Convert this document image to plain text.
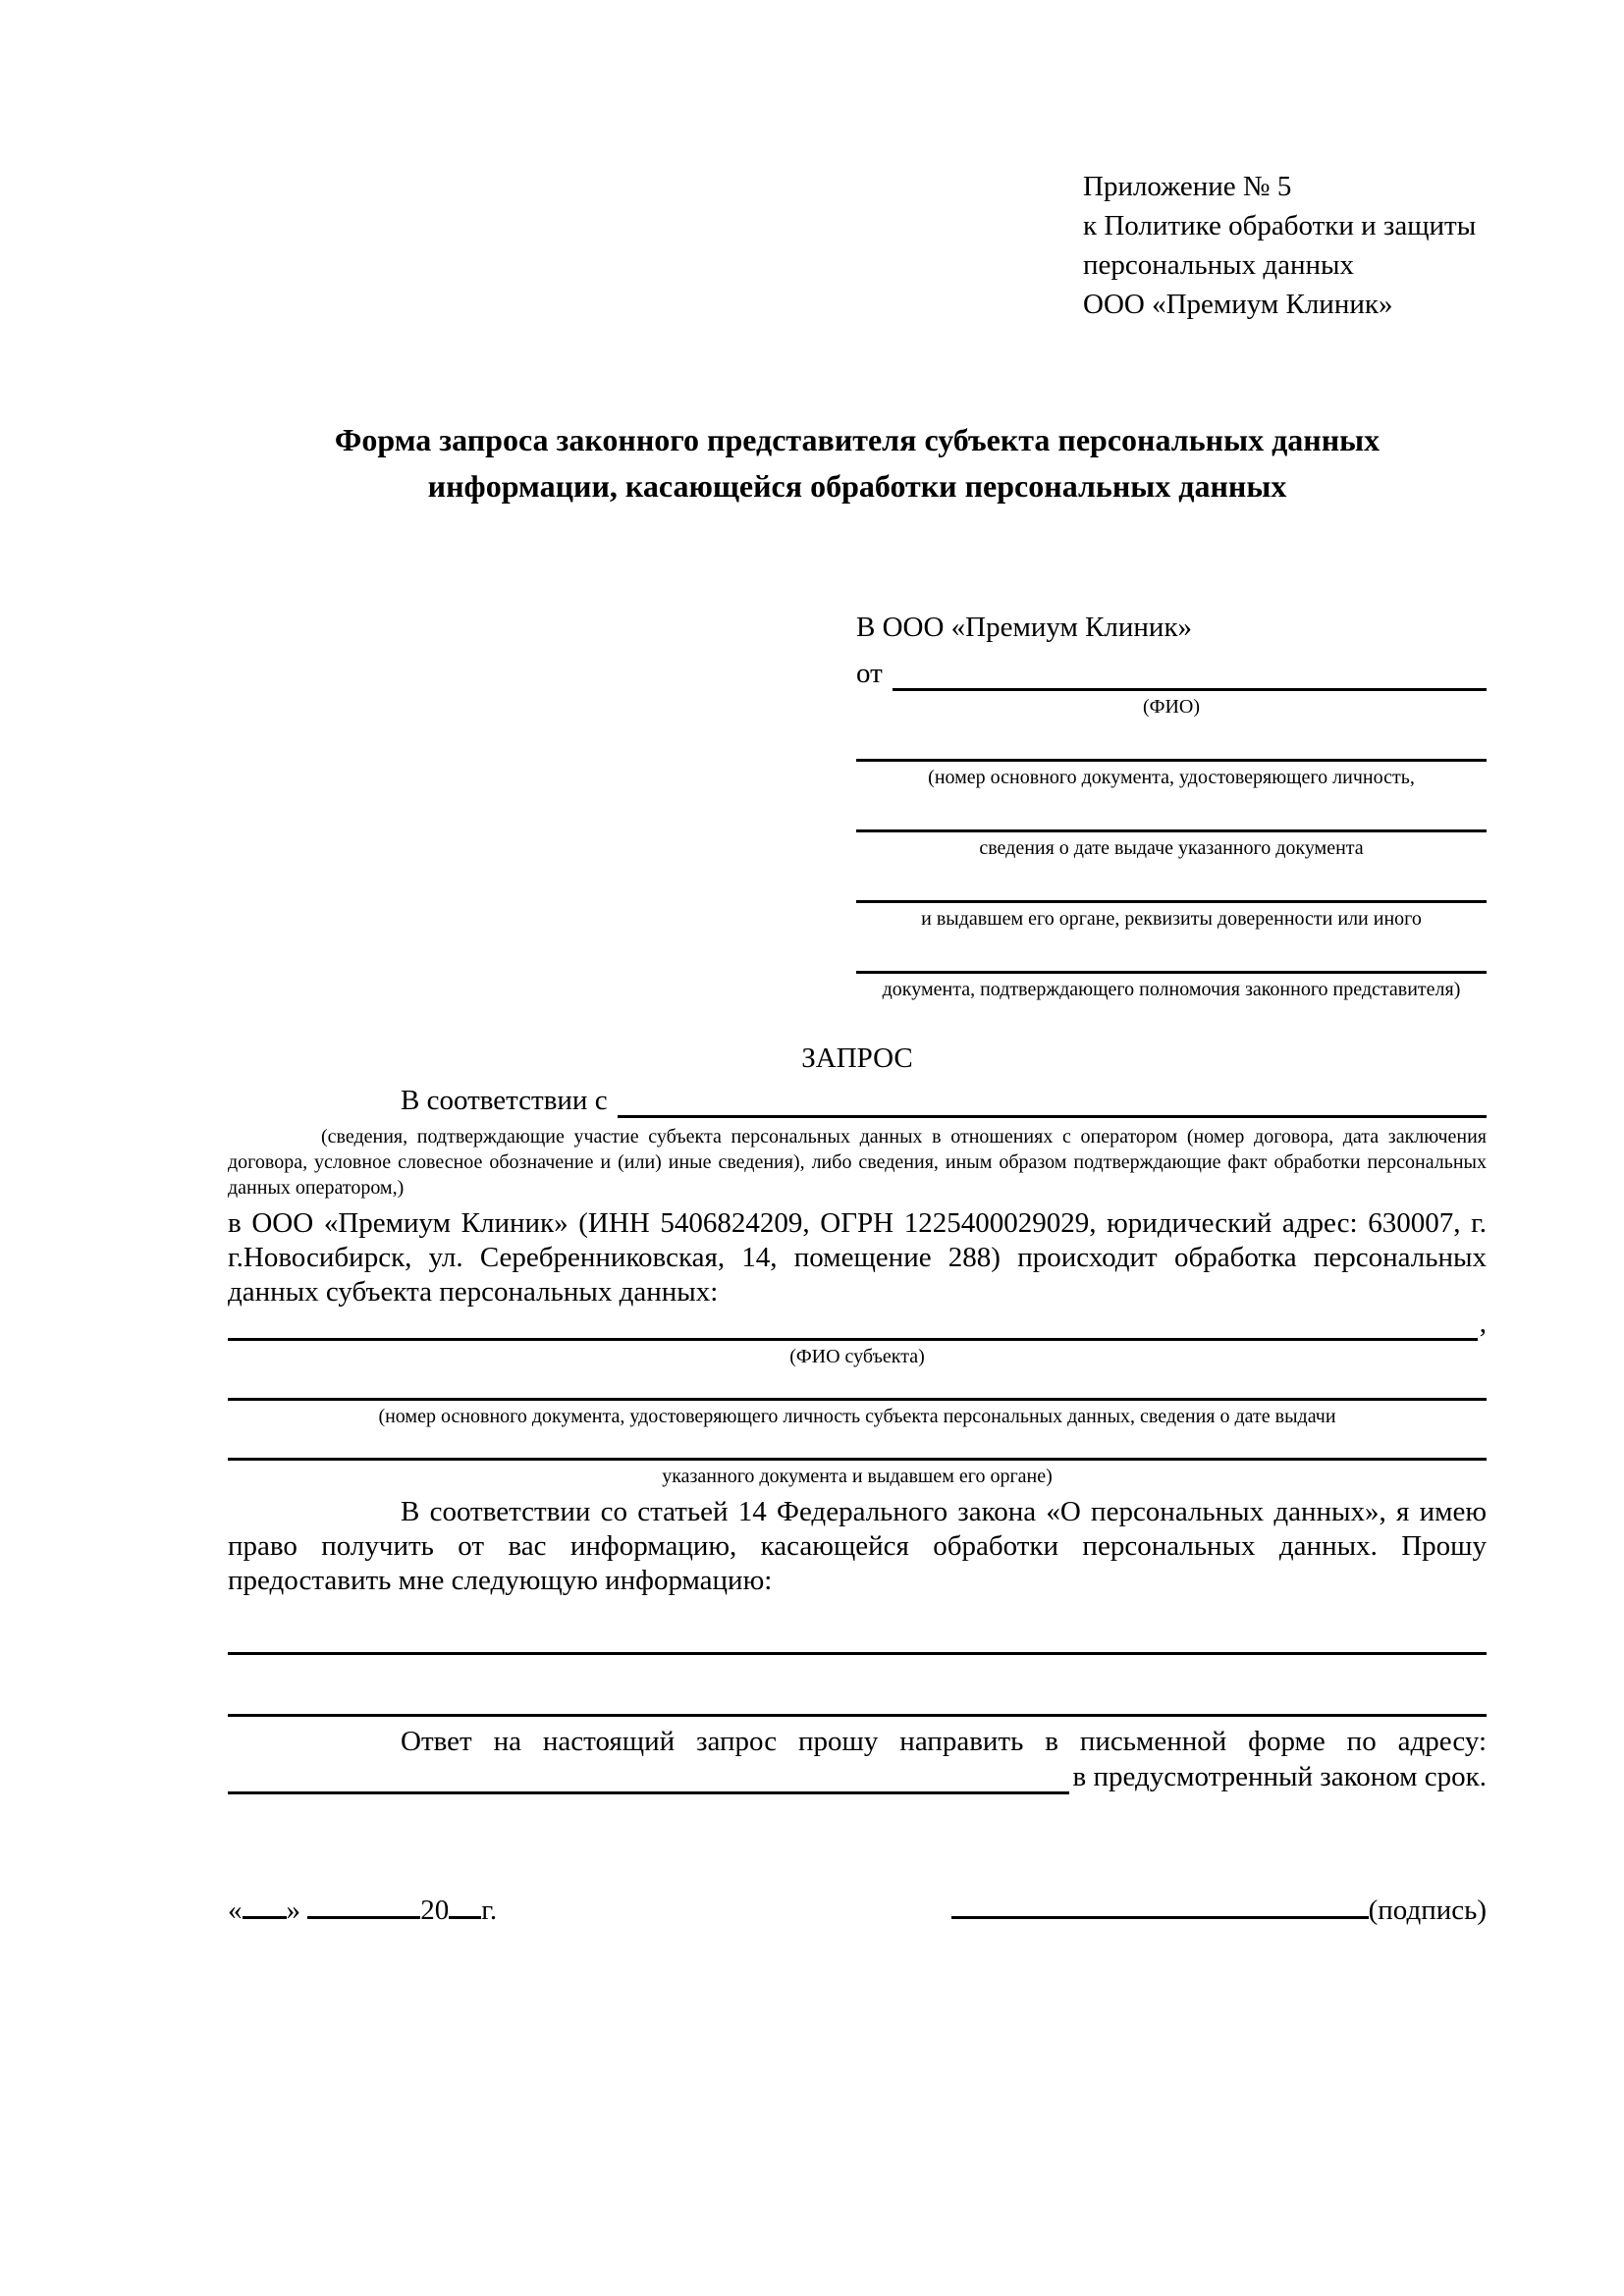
Приложение № 5
к Политике обработки и защиты
персональных данных
ООО «Премиум Клиник»
Форма запроса законного представителя субъекта персональных данных
информации, касающейся обработки персональных данных
В ООО «Премиум Клиник»
от
(ФИО)
(номер основного документа, удостоверяющего личность,
сведения о дате выдаче указанного документа
и выдавшем его органе, реквизиты доверенности или иного
документа, подтверждающего полномочия законного представителя)
ЗАПРОС
В соответствии с

(сведения, подтверждающие участие субъекта персональных данных в отношениях с оператором (номер договора, дата заключения договора, условное словесное обозначение и (или) иные сведения), либо сведения, иным образом подтверждающие факт обработки персональных данных оператором,)

в ООО «Премиум Клиник» (ИНН 5406824209, ОГРН 1225400029029, юридический адрес: 630007, г. г.Новосибирск, ул. Серебренниковская, 14, помещение 288) происходит обработка персональных данных субъекта персональных данных:

,
(ФИО субъекта)
(номер основного документа, удостоверяющего личность субъекта персональных данных, сведения о дате выдачи
указанного документа и выдавшем его органе)

В соответствии со статьей 14 Федерального закона «О персональных данных», я имею право получить от вас информацию, касающейся обработки персональных данных. Прошу предоставить мне следующую информацию:

Ответ на настоящий запрос прошу направить в письменной форме по адресу:
в предусмотренный законом срок.
« »	20 г.	(подпись)
